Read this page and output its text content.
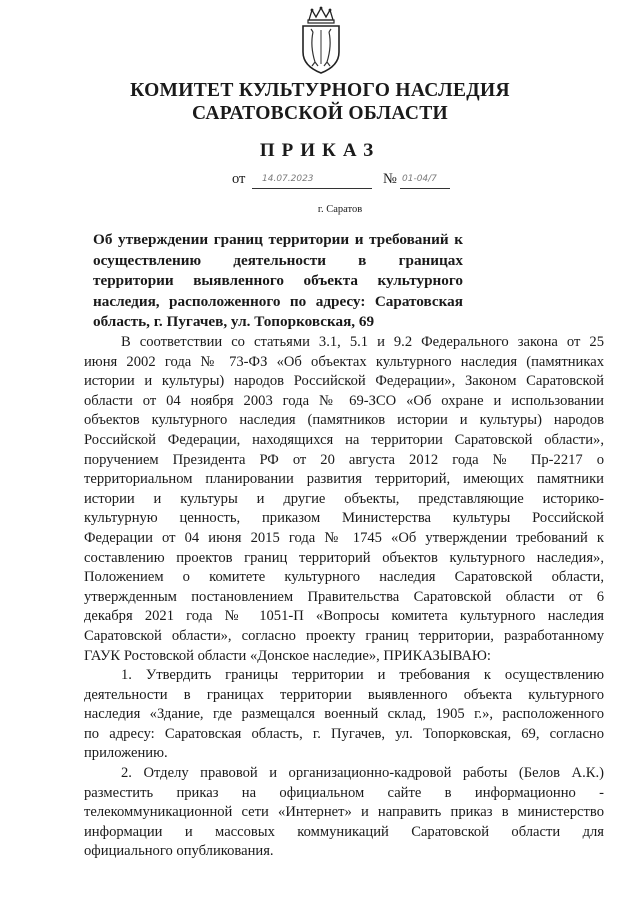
КОМИТЕТ КУЛЬТУРНОГО НАСЛЕДИЯ
САРАТОВСКОЙ ОБЛАСТИ
ПРИКАЗ
от 14.07.2023	№ 01-04/7
г. Саратов
Об утверждении границ территории и требований к
осуществлению деятельности в границах
территории выявленного объекта культурного
наследия, расположенного по адресу: Саратовская
область, г. Пугачев, ул. Топорковская, 69
В соответствии со статьями 3.1, 5.1 и 9.2 Федерального закона от 25
июня 2002 года № 73-ФЗ «Об объектах культурного наследия (памятниках
истории и культуры) народов Российской Федерации», Законом Саратовской
области от 04 ноября 2003 года № 69-ЗСО «Об охране и использовании
объектов культурного наследия (памятников истории и культуры) народов
Российской Федерации, находящихся на территории Саратовской области»,
поручением Президента РФ от 20 августа 2012 года № Пр-2217 о
территориальном планировании развития территорий, имеющих памятники
истории и культуры и другие объекты, представляющие историко-
культурную ценность, приказом Министерства культуры Российской
Федерации от 04 июня 2015 года № 1745 «Об утверждении требований к
составлению проектов границ территорий объектов культурного наследия»,
Положением о комитете культурного наследия Саратовской области,
утвержденным постановлением Правительства Саратовской области от 6
декабря 2021 года № 1051-П «Вопросы комитета культурного наследия
Саратовской области», согласно проекту границ территории, разработанному
ГАУК Ростовской области «Донское наследие», ПРИКАЗЫВАЮ:
1. Утвердить границы территории и требования к осуществлению
деятельности в границах территории выявленного объекта культурного
наследия «Здание, где размещался военный склад, 1905 г.», расположенного
по адресу: Саратовская область, г. Пугачев, ул. Топорковская, 69, согласно
приложению.
2. Отделу правовой и организационно-кадровой работы (Белов А.К.)
разместить приказ на официальном сайте в информационно -
телекоммуникационной сети «Интернет» и направить приказ в министерство
информации и массовых коммуникаций Саратовской области для
официального опубликования.
